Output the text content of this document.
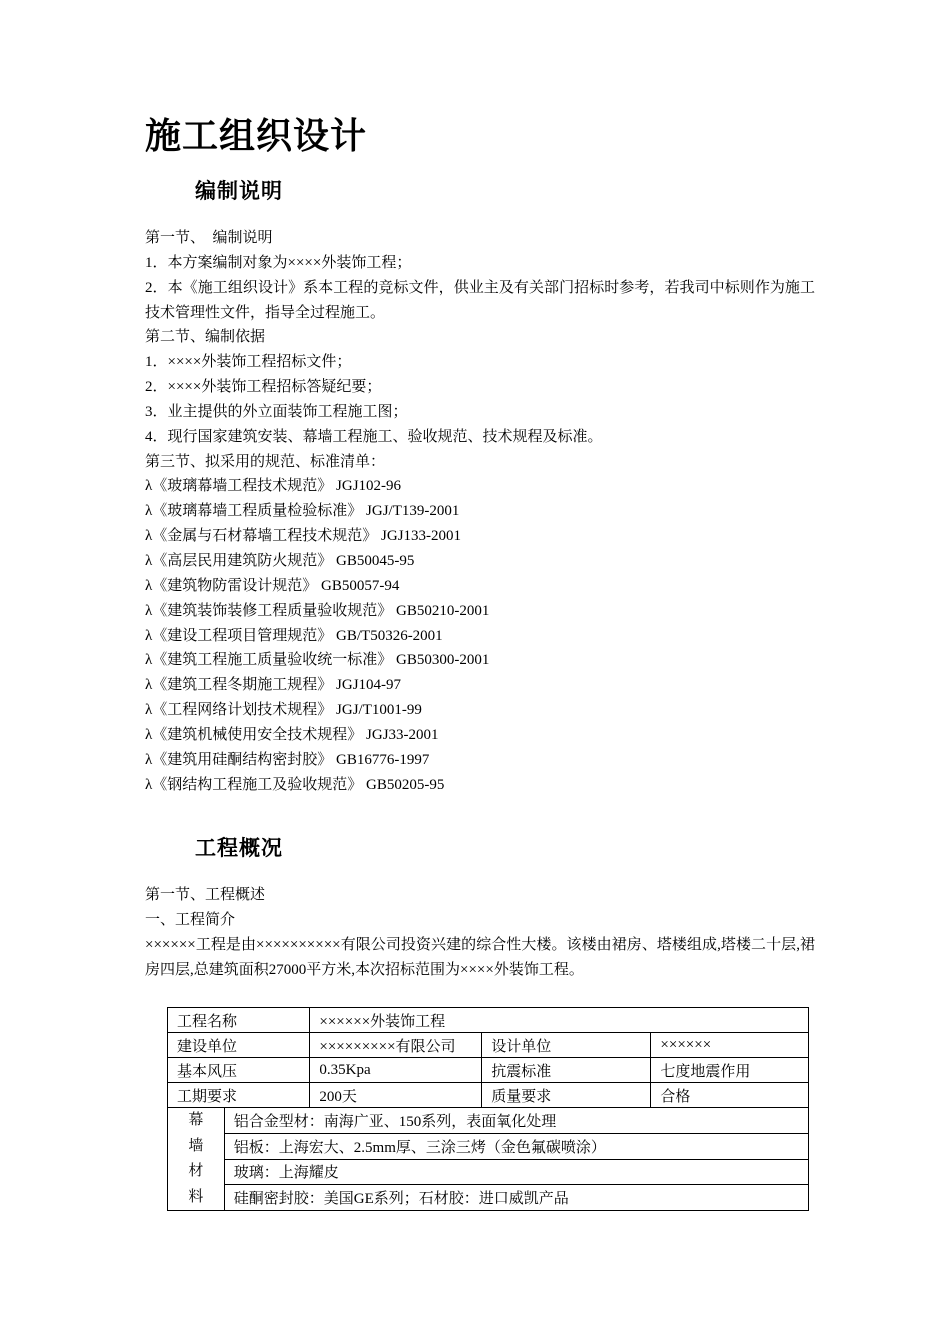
施工组织设计
编制说明
第一节、　编制说明
1．本方案编制对象为××××外装饰工程；
2．本《施工组织设计》系本工程的竞标文件，供业主及有关部门招标时参考，若我司中标则作为施工技术管理性文件，指导全过程施工。
第二节、编制依据
1．××××外装饰工程招标文件；
2．××××外装饰工程招标答疑纪要；
3．业主提供的外立面装饰工程施工图；
4．现行国家建筑安装、幕墙工程施工、验收规范、技术规程及标准。
第三节、拟采用的规范、标准清单：
λ《玻璃幕墙工程技术规范》 JGJ102-96
λ《玻璃幕墙工程质量检验标准》 JGJ/T139-2001
λ《金属与石材幕墙工程技术规范》 JGJ133-2001
λ《高层民用建筑防火规范》 GB50045-95
λ《建筑物防雷设计规范》 GB50057-94
λ《建筑装饰装修工程质量验收规范》 GB50210-2001
λ《建设工程项目管理规范》 GB/T50326-2001
λ《建筑工程施工质量验收统一标准》 GB50300-2001
λ《建筑工程冬期施工规程》 JGJ104-97
λ《工程网络计划技术规程》 JGJ/T1001-99
λ《建筑机械使用安全技术规程》 JGJ33-2001
λ《建筑用硅酮结构密封胶》 GB16776-1997
λ《钢结构工程施工及验收规范》 GB50205-95
工程概况
第一节、工程概述
一、工程简介
××××××工程是由××××××××××有限公司投资兴建的综合性大楼。该楼由裙房、塔楼组成,塔楼二十层,裙房四层,总建筑面积27000平方米,本次招标范围为××××外装饰工程。
工程名称		××××××外装饰工程		
建设单位		×××××××××有限公司	设计单位	××××××
基本风压		0.35Kpa	抗震标准	七度地震作用
工期要求		200天	质量要求	合格

幕
墙
材
料	铝合金型材：南海广亚、150系列，表面氧化处理			
	铝板：上海宏大、2.5mm厚、三涂三烤（金色氟碳喷涂）			
	玻璃：上海耀皮			
	硅酮密封胶：美国GE系列；石材胶：进口威凯产品			
